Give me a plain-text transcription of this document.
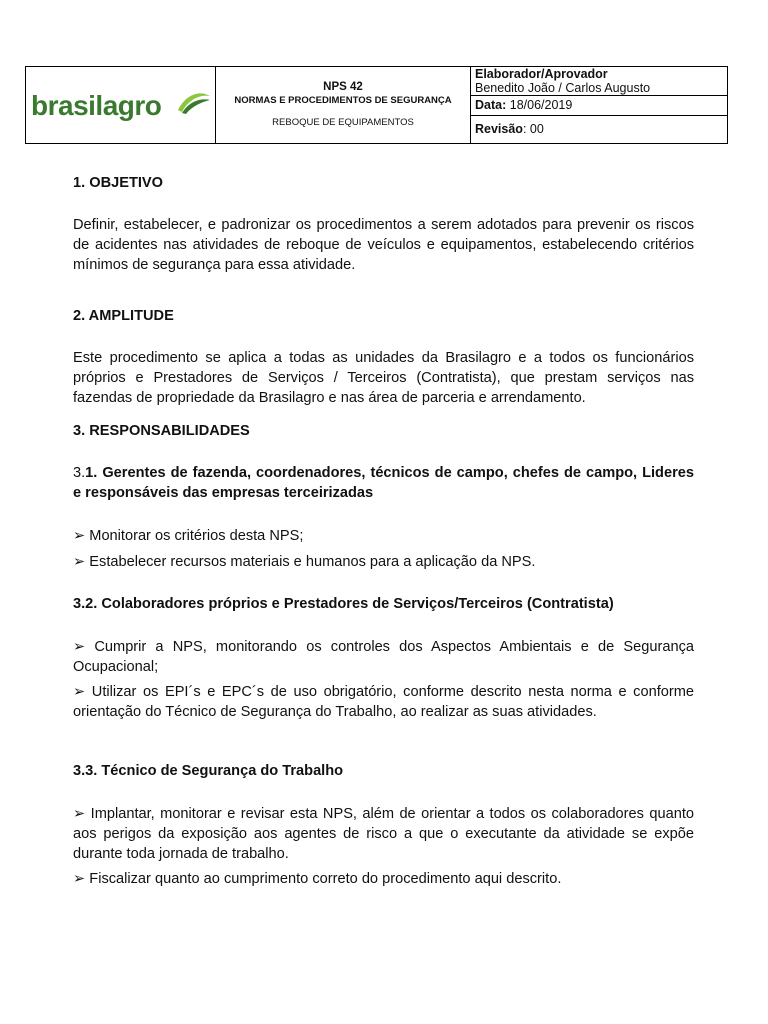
brasilagro
NPS 42
NORMAS E PROCEDIMENTOS DE SEGURANÇA
REBOQUE DE EQUIPAMENTOS
Elaborador/Aprovador
Benedito João / Carlos Augusto
Data: 18/06/2019
Revisão: 00
1. OBJETIVO
Definir, estabelecer, e padronizar os procedimentos a serem adotados para prevenir os riscos de acidentes nas atividades de reboque de veículos e equipamentos, estabelecendo critérios mínimos de segurança para essa atividade.
2. AMPLITUDE
Este procedimento se aplica a todas as unidades da Brasilagro e a todos os funcionários próprios e Prestadores de Serviços / Terceiros (Contratista), que prestam serviços nas fazendas de propriedade da Brasilagro e nas área de parceria e arrendamento.
3. RESPONSABILIDADES
3.1. Gerentes de fazenda, coordenadores, técnicos de campo, chefes de campo, Lideres e responsáveis das empresas terceirizadas
➢ Monitorar os critérios desta NPS;
➢ Estabelecer recursos materiais e humanos para a aplicação da NPS.
3.2. Colaboradores próprios e Prestadores de Serviços/Terceiros (Contratista)
➢ Cumprir a NPS, monitorando os controles dos Aspectos Ambientais e de Segurança Ocupacional;
➢ Utilizar os EPI´s e EPC´s de uso obrigatório, conforme descrito nesta norma e conforme orientação do Técnico de Segurança do Trabalho, ao realizar as suas atividades.
3.3. Técnico de Segurança do Trabalho
➢ Implantar, monitorar e revisar esta NPS, além de orientar a todos os colaboradores quanto aos perigos da exposição aos agentes de risco a que o executante da atividade se expõe durante toda jornada de trabalho.
➢ Fiscalizar quanto ao cumprimento correto do procedimento aqui descrito.
